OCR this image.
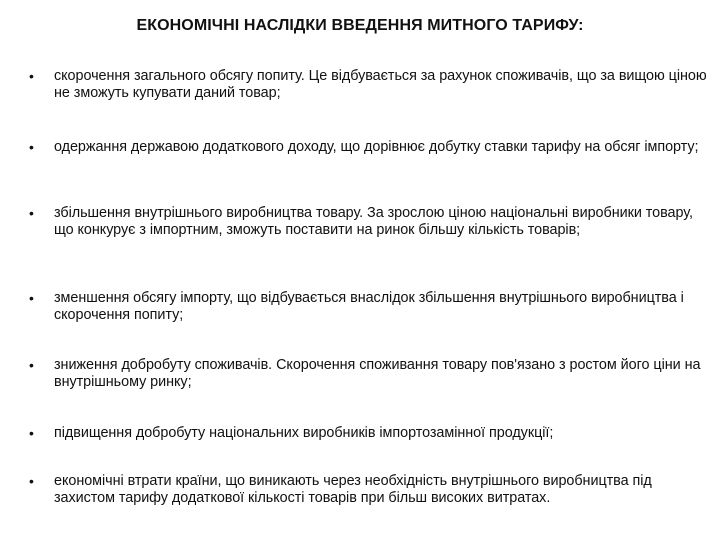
ЕКОНОМІЧНІ НАСЛІДКИ ВВЕДЕННЯ МИТНОГО ТАРИФУ:
• скорочення загального обсягу попиту. Це відбувається за рахунок споживачів, що за вищою ціною не зможуть купувати даний товар;
• одержання державою додаткового доходу, що дорівнює добутку ставки тарифу на обсяг імпорту;
• збільшення внутрішнього виробництва товару. За зрослою ціною національні виробники товару, що конкурує з імпортним, зможуть поставити на ринок більшу кількість товарів;
• зменшення обсягу імпорту, що відбувається внаслідок збільшення внутрішнього виробництва і скорочення попиту;
• зниження добробуту споживачів. Скорочення споживання товару пов'язано з ростом його ціни на внутрішньому ринку;
• підвищення добробуту національних виробників імпортозамінної продукції;
• економічні втрати країни, що виникають через необхідність внутрішнього виробництва під захистом тарифу додаткової кількості товарів при більш високих витратах.
